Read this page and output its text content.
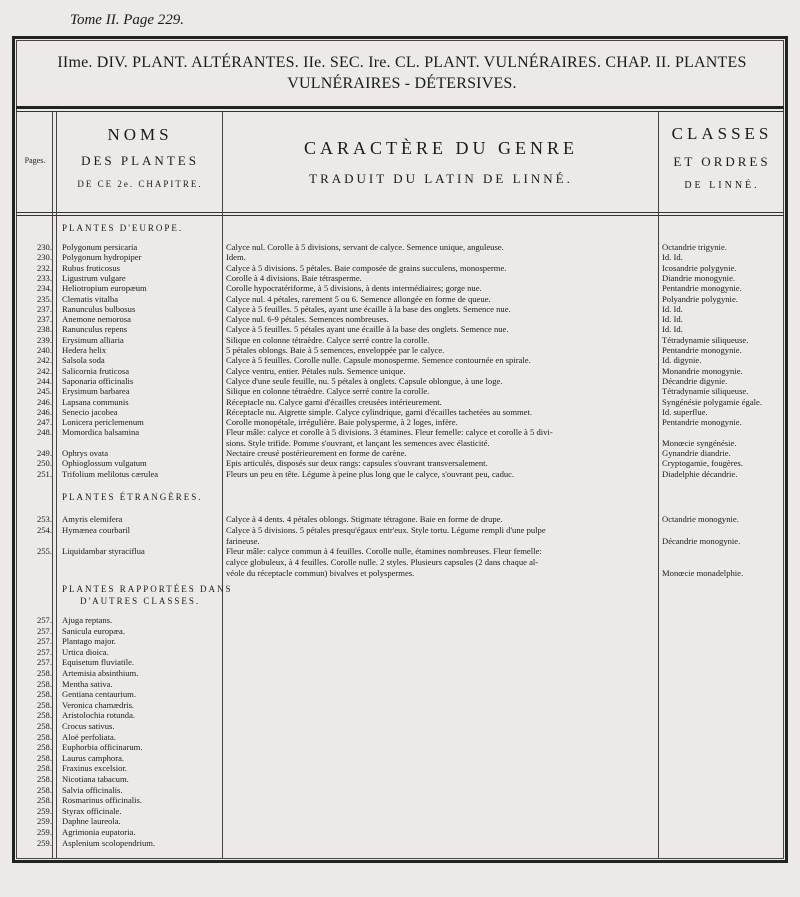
Tome II. Page 229.
IIme. DIV. PLANT. ALTÉRANTES. IIe. SEC. Ire. CL. PLANT. VULNÉRAIRES. CHAP. II. PLANTES
VULNÉRAIRES - DÉTERSIVES.
Pages.
NOMS
DES PLANTES
DE CE 2e. CHAPITRE.
CARACTÈRE DU GENRE
TRADUIT DU LATIN DE LINNÉ.
CLASSES
ET ORDRES
DE LINNÉ.
PLANTES D'EUROPE.
PLANTES ÉTRANGÈRES.
PLANTES RAPPORTÉES DANS
D'AUTRES CLASSES.
230. Polygonum persicaria	Calyce nul. Corolle à 5 divisions, servant de calyce. Semence unique, anguleuse.	Octandrie trigynie.
230. Polygonum hydropiper	Idem.	Id. Id.
232. Rubus fruticosus	Calyce à 5 divisions. 5 pétales. Baie composée de grains succulens, monosperme.	Icosandrie polygynie.
233. Ligustrum vulgare	Corolle à 4 divisions. Baie tétrasperme.	Diandrie monogynie.
234. Heliotropium europæum	Corolle hypocratériforme, à 5 divisions, à dents intermédiaires; gorge nue.	Pentandrie monogynie.
235. Clematis vitalba	Calyce nul. 4 pétales, rarement 5 ou 6. Semence allongée en forme de queue.	Polyandrie polygynie.
237. Ranunculus bulbosus	Calyce à 5 feuilles. 5 pétales, ayant une écaille à la base des onglets. Semence nue.	Id. Id.
237. Anemone nemorosa	Calyce nul. 6-9 pétales. Semences nombreuses.	Id. Id.
238. Ranunculus repens	Calyce à 5 feuilles. 5 pétales ayant une écaille à la base des onglets. Semence nue.	Id. Id.
239. Erysimum alliaria	Silique en colonne tétraèdre. Calyce serré contre la corolle.	Tétradynamie siliqueuse.
240. Hedera helix	5 pétales oblongs. Baie à 5 semences, enveloppée par le calyce.	Pentandrie monogynie.
242. Salsola soda	Calyce à 5 feuilles. Corolle nulle. Capsule monosperme. Semence contournée en spirale.	Id. digynie.
242. Salicornia fruticosa	Calyce ventru, entier. Pétales nuls. Semence unique.	Monandrie monogynie.
244. Saponaria officinalis	Calyce d'une seule feuille, nu. 5 pétales à onglets. Capsule oblongue, à une loge.	Décandrie digynie.
245. Erysimum barbarea	Silique en colonne tétraèdre. Calyce serré contre la corolle.	Tétradynamie siliqueuse.
246. Lapsana communis	Réceptacle nu. Calyce garni d'écailles creusées intérieurement.	Syngénésie polygamie égale.
246. Senecio jacobea	Réceptacle nu. Aigrette simple. Calyce cylindrique, garni d'écailles tachetées au sommet.	Id. superflue.
247. Lonicera periclemenum	Corolle monopétale, irrégulière. Baie polysperme, à 2 loges, infère.	Pentandrie monogynie.
248. Momordica balsamina	Fleur mâle: calyce et corolle à 5 divisions. 3 étamines. Fleur femelle: calyce et corolle à 5 divi-
sions. Style trifide. Pomme s'ouvrant, et lançant les semences avec élasticité.	Monœcie syngénésie.
249. Ophrys ovata	Nectaire creusé postérieurement en forme de carène.	Gynandrie diandrie.
250. Ophioglossum vulgatum	Epis articulés, disposés sur deux rangs: capsules s'ouvrant transversalement.	Cryptogamie, fougères.
251. Trifolium melilotus cærulea	Fleurs un peu en tête. Légume à peine plus long que le calyce, s'ouvrant peu, caduc.	Diadelphie décandrie.
253. Amyris elemifera	Calyce à 4 dents. 4 pétales oblongs. Stigmate tétragone. Baie en forme de drupe.	Octandrie monogynie.
254. Hymænea courbaril	Calyce à 5 divisions. 5 pétales presqu'égaux entr'eux. Style tortu. Légume rempli d'une pulpe
farineuse.	Décandrie monogynie.
255. Liquidambar styraciflua	Fleur mâle: calyce commun à 4 feuilles. Corolle nulle, étamines nombreuses. Fleur femelle:
calyce globuleux, à 4 feuilles. Corolle nulle. 2 styles. Plusieurs capsules (2 dans chaque al-
véole du réceptacle commun) bivalves et polyspermes.	Monœcie monadelphie.
257. Ajuga reptans.
257. Sanicula europæa.
257. Plantago major.
257. Urtica dioica.
257. Equisetum fluviatile.
258. Artemisia absinthium.
258. Mentha sativa.
258. Gentiana centaurium.
258. Veronica chamædris.
258. Aristolochia rotunda.
258. Crocus sativus.
258. Aloë perfoliata.
258. Euphorbia officinarum.
258. Laurus camphora.
258. Fraxinus excelsior.
258. Nicotiana tabacum.
258. Salvia officinalis.
258. Rosmarinus officinalis.
259. Styrax officinale.
259. Daphne laureola.
259. Agrimonia eupatoria.
259. Asplenium scolopendrium.
